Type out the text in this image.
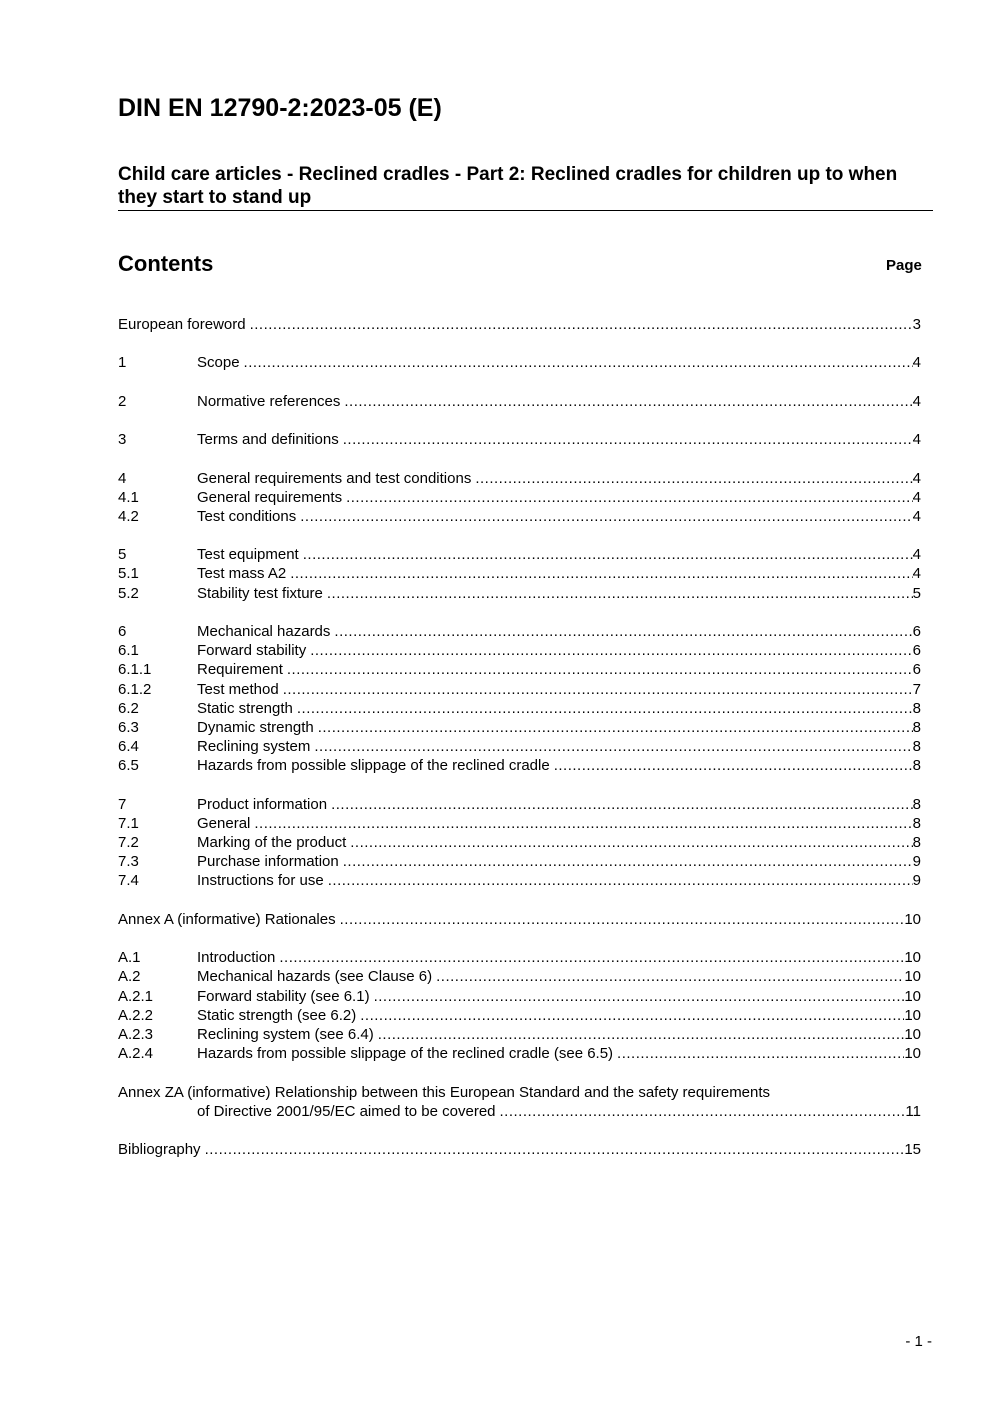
DIN EN 12790-2:2023-05 (E)
Child care articles - Reclined cradles - Part 2: Reclined cradles for children up to when they start to stand up
Contents	Page
European foreword .....	3
1	Scope .....	4
2	Normative references .....	4
3	Terms and definitions .....	4
4	General requirements and test conditions .....	4
4.1	General requirements .....	4
4.2	Test conditions .....	4
5	Test equipment .....	4
5.1	Test mass A2 .....	4
5.2	Stability test fixture .....	5
6	Mechanical hazards .....	6
6.1	Forward stability .....	6
6.1.1	Requirement .....	6
6.1.2	Test method .....	7
6.2	Static strength .....	8
6.3	Dynamic strength .....	8
6.4	Reclining system .....	8
6.5	Hazards from possible slippage of the reclined cradle .....	8
7	Product information .....	8
7.1	General .....	8
7.2	Marking of the product .....	8
7.3	Purchase information .....	9
7.4	Instructions for use .....	9
Annex A (informative) Rationales .....	10
A.1	Introduction .....	10
A.2	Mechanical hazards (see Clause 6) .....	10
A.2.1	Forward stability (see 6.1) .....	10
A.2.2	Static strength (see 6.2) .....	10
A.2.3	Reclining system (see 6.4) .....	10
A.2.4	Hazards from possible slippage of the reclined cradle (see 6.5) .....	10
Annex ZA (informative) Relationship between this European Standard and the safety requirements
of Directive 2001/95/EC aimed to be covered .....	11
Bibliography .....	15
- 1 -
